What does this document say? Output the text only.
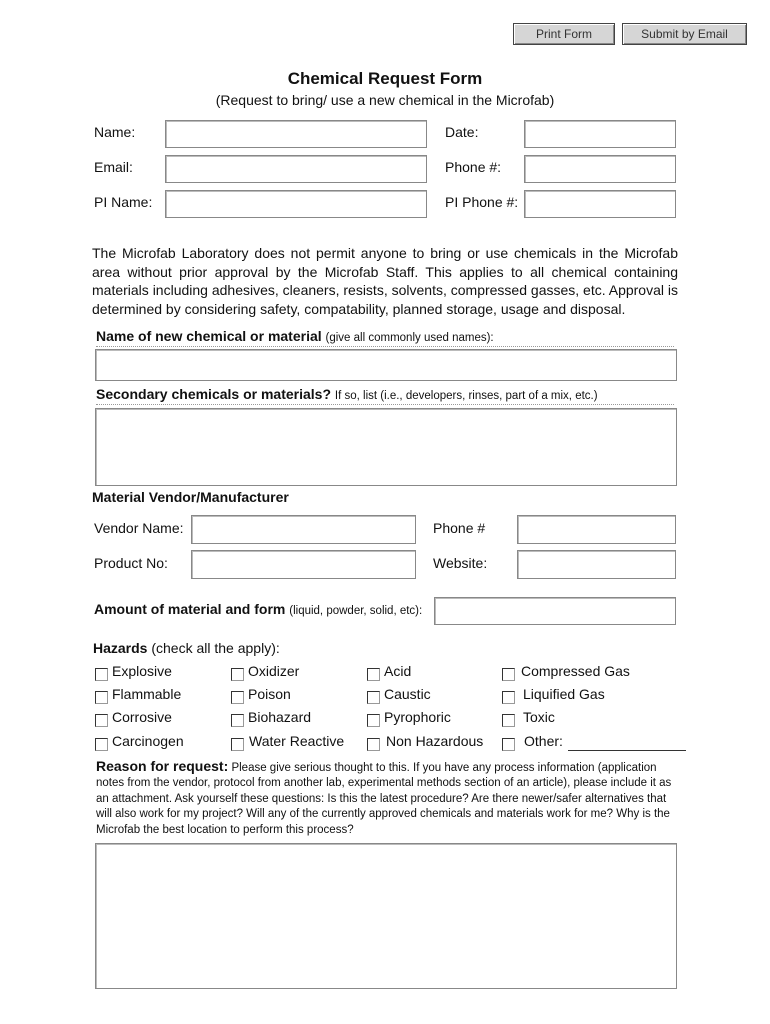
Print Form	Submit by Email
Chemical Request Form
(Request to bring/ use a new chemical in the Microfab)
Name:	Date:
Email:	Phone #:
PI Name:	PI Phone #:
The Microfab Laboratory does not permit anyone to bring or use chemicals in the Microfab area without prior approval by the Microfab Staff. This applies to all chemical containing materials including adhesives, cleaners, resists, solvents, compressed gasses, etc. Approval is determined by considering safety, compatability, planned storage, usage and disposal.
Name of new chemical or material (give all commonly used names):
Secondary chemicals or materials? If so, list (i.e., developers, rinses, part of a mix, etc.)
Material Vendor/Manufacturer
Vendor Name:	Phone #
Product No:	Website:
Amount of material and form (liquid, powder, solid, etc):
Hazards (check all the apply):
Explosive	Oxidizer	Acid	Compressed Gas
Flammable	Poison	Caustic	Liquified Gas
Corrosive	Biohazard	Pyrophoric	Toxic
Carcinogen	Water Reactive	Non Hazardous	Other:
Reason for request: Please give serious thought to this. If you have any process information (application notes from the vendor, protocol from another lab, experimental methods section of an article), please include it as an attachment. Ask yourself these questions: Is this the latest procedure? Are there newer/safer alternatives that will also work for my project? Will any of the currently approved chemicals and materials work for me? Why is the Microfab the best location to perform this process?
